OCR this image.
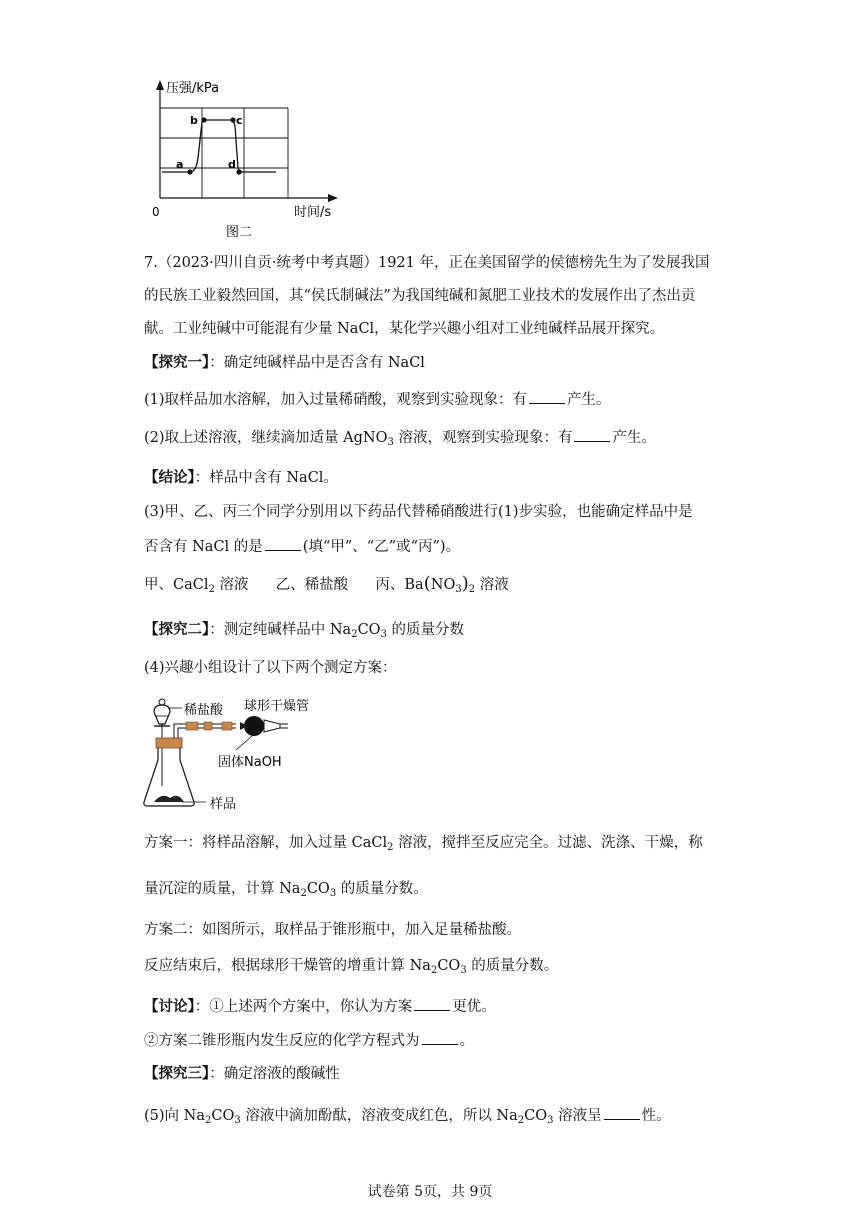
a
b	c
d
压强/kPa
时间/s
0
图二
7.（2023·四川自贡·统考中考真题）1921 年，正在美国留学的侯德榜先生为了发展我国
的民族工业毅然回国，其“侯氏制碱法”为我国纯碱和氮肥工业技术的发展作出了杰出贡
献。工业纯碱中可能混有少量 NaCl，某化学兴趣小组对工业纯碱样品展开探究。
【探究一】：确定纯碱样品中是否含有 NaCl
(1)取样品加水溶解，加入过量稀硝酸，观察到实验现象：有	产生。
(2)取上述溶液，继续滴加适量 AgNO$_3$ 溶液，观察到实验现象：有	产生。
【结论】：样品中含有 NaCl。
(3)甲、乙、丙三个同学分别用以下药品代替稀硝酸进行(1)步实验，也能确定样品中是
否含有 NaCl 的是	(填“甲”、“乙”或“丙”)。
甲、CaCl$_2$ 溶液 乙、稀盐酸 丙、$Ba(NO_3)_2$ 溶液
【探究二】：测定纯碱样品中 $Na_2CO_3$ 的质量分数
(4)兴趣小组设计了以下两个测定方案：
稀盐酸 球形干燥管
固体NaOH
样品
方案一：将样品溶解，加入过量 CaCl$_2$ 溶液，搅拌至反应完全。过滤、洗涤、干燥，称
量沉淀的质量，计算 $Na_2CO_3$ 的质量分数。
方案二：如图所示，取样品于锥形瓶中，加入足量稀盐酸。
反应结束后，根据球形干燥管的增重计算 $Na_2CO_3$ 的质量分数。
【讨论】：①上述两个方案中，你认为方案	更优。
②方案二锥形瓶内发生反应的化学方程式为	。
【探究三】：确定溶液的酸碱性
(5)向 $Na_2CO_3$ 溶液中滴加酚酞，溶液变成红色，所以 $Na_2CO_3$ 溶液呈	性。
试卷第 5页，共 9页
